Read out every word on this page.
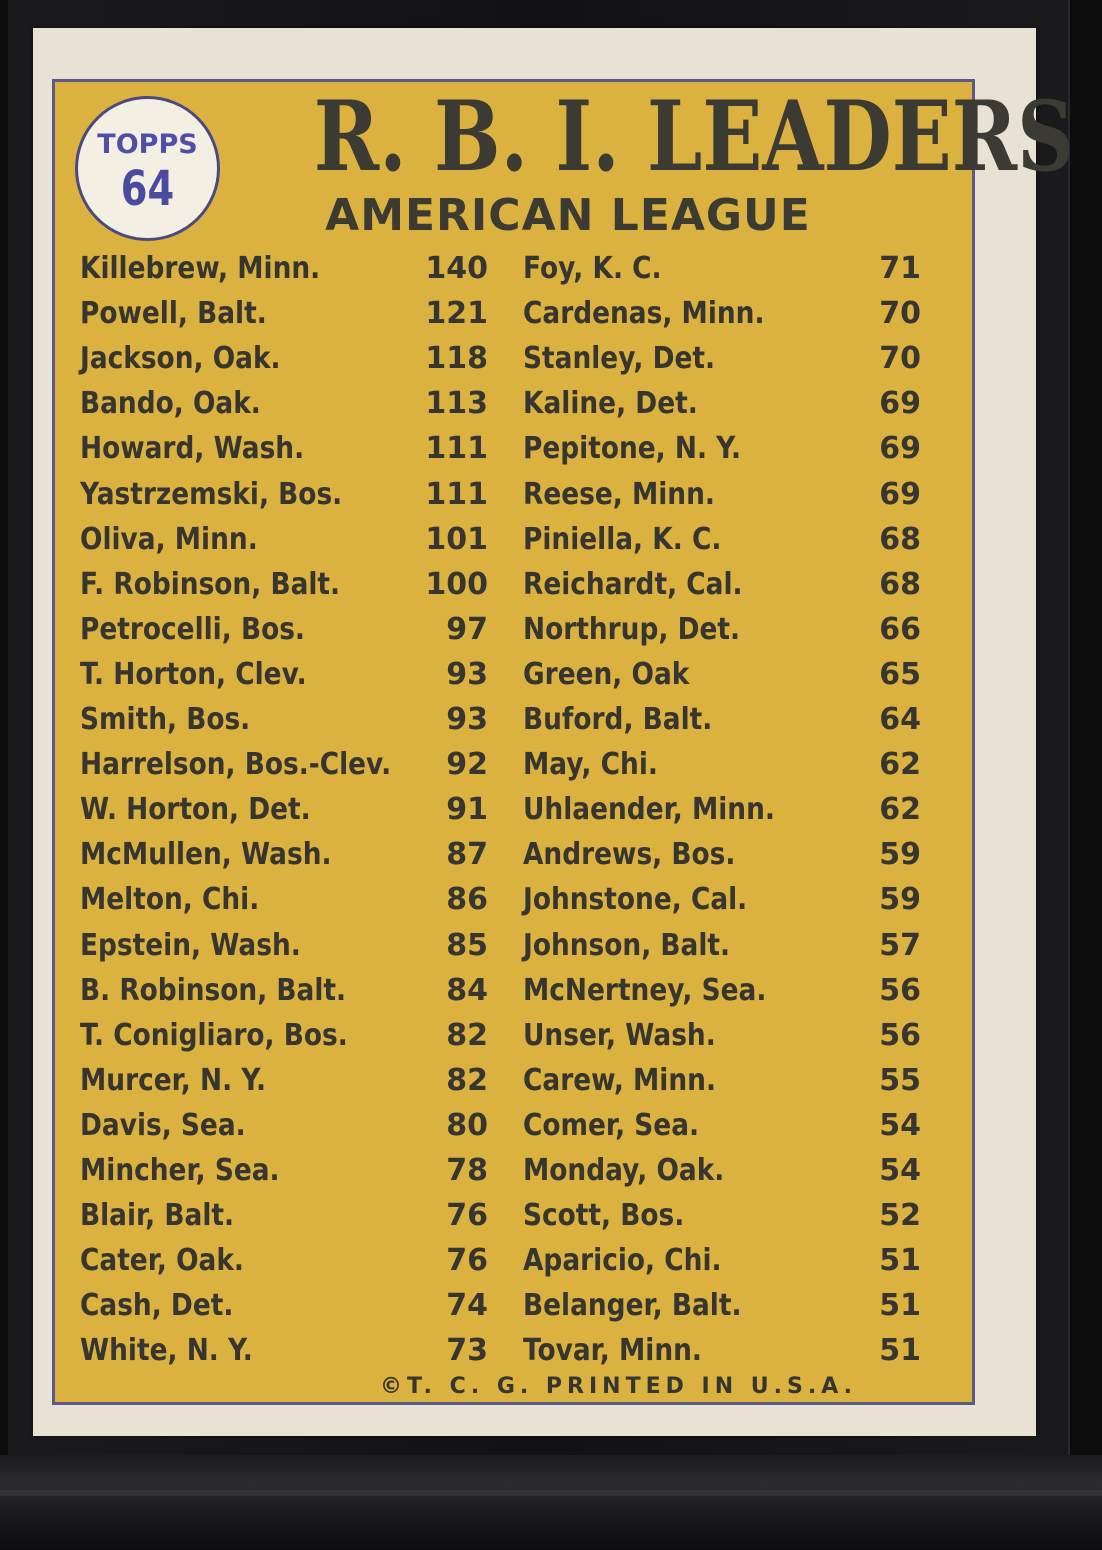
TOPPS
64	R. B. I. LEADERS
AMERICAN LEAGUE
Killebrew, Minn.	140
Powell, Balt.	121
Jackson, Oak.	118
Bando, Oak.	113
Howard, Wash.	111
Yastrzemski, Bos.	111
Oliva, Minn.	101
F. Robinson, Balt.	100
Petrocelli, Bos.	97
T. Horton, Clev.	93
Smith, Bos.	93
Harrelson, Bos.-Clev. 92
W. Horton, Det.	91
McMullen, Wash.	87
Melton, Chi.	86
Epstein, Wash.	85
B. Robinson, Balt.	84
T. Conigliaro, Bos.	82
Murcer, N. Y.	82
Davis, Sea.	80
Mincher, Sea.	78
Blair, Balt.	76
Cater, Oak.	76
Cash, Det.	74
White, N. Y.	73
Foy, K. C.	71
Cardenas, Minn.	70
Stanley, Det.	70
Kaline, Det.	69
Pepitone, N. Y.	69
Reese, Minn.	69
Piniella, K. C.	68
Reichardt, Cal.	68
Northrup, Det.	66
Green, Oak	65
Buford, Balt.	64
May, Chi.	62
Uhlaender, Minn.	62
Andrews, Bos.	59
Johnstone, Cal.	59
Johnson, Balt.	57
McNertney, Sea.	56
Unser, Wash.	56
Carew, Minn.	55
Comer, Sea.	54
Monday, Oak.	54
Scott, Bos.	52
Aparicio, Chi.	51
Belanger, Balt.	51
Tovar, Minn.	51
©T. C. G. PRINTED IN U.S.A.
